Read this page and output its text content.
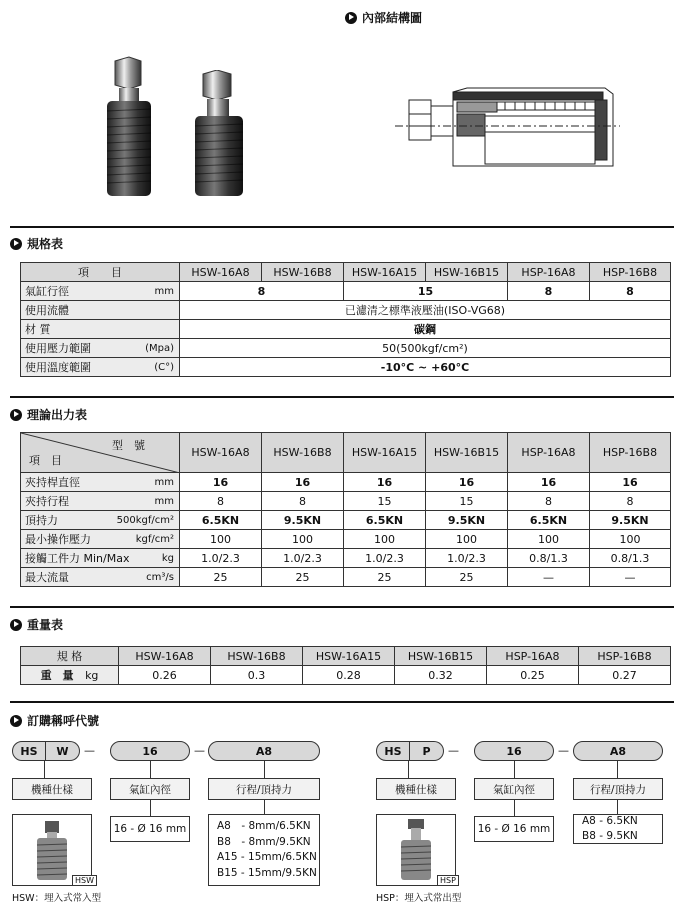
內部結構圖
規格表
項　　目	HSW-16A8	HSW-16B8	HSW-16A15	HSW-16B15	HSP-16A8	HSP-16B8
氣缸行徑 mm	8		15		8	8
使用流體	已濾清之標準液壓油(ISO-VG68)					
材 質	碳鋼					
使用壓力範圍 (Mpa)	50(500kgf/cm²)					
使用溫度範圍 (C°)	-10°C ~ +60°C					
理論出力表
型　號
項　目	HSW-16A8	HSW-16B8	HSW-16A15	HSW-16B15	HSP-16A8	HSP-16B8
夾持桿直徑 mm	16	16	16	16	16	16
夾持行程 mm	8	8	15	15	8	8
頂持力 500kgf/cm²	6.5KN	9.5KN	6.5KN	9.5KN	6.5KN	9.5KN
最小操作壓力 kgf/cm²	100	100	100	100	100	100
接觸工件力 Min/Max kg	1.0/2.3	1.0/2.3	1.0/2.3	1.0/2.3	0.8/1.3	0.8/1.3
最大流量 cm³/s	25	25	25	25	—	—
重量表
規 格	HSW-16A8	HSW-16B8	HSW-16A15	HSW-16B15	HSP-16A8	HSP-16B8
重　量 kg	0.26	0.3	0.28	0.32	0.25	0.27
訂購稱呼代號
HS	W	—	16	—	A8
機種仕樣	氣缸內徑	行程/頂持力
HSW
16 - Ø 16 mm	A8　- 8mm/6.5KN
B8　- 8mm/9.5KN
A15 - 15mm/6.5KN
B15 - 15mm/9.5KN
HSW：埋入式常入型
HS	P	—	16	—	A8
機種仕樣	氣缸內徑	行程/頂持力
HSP
16 - Ø 16 mm
A8 - 6.5KN
B8 - 9.5KN
HSP：埋入式常出型
